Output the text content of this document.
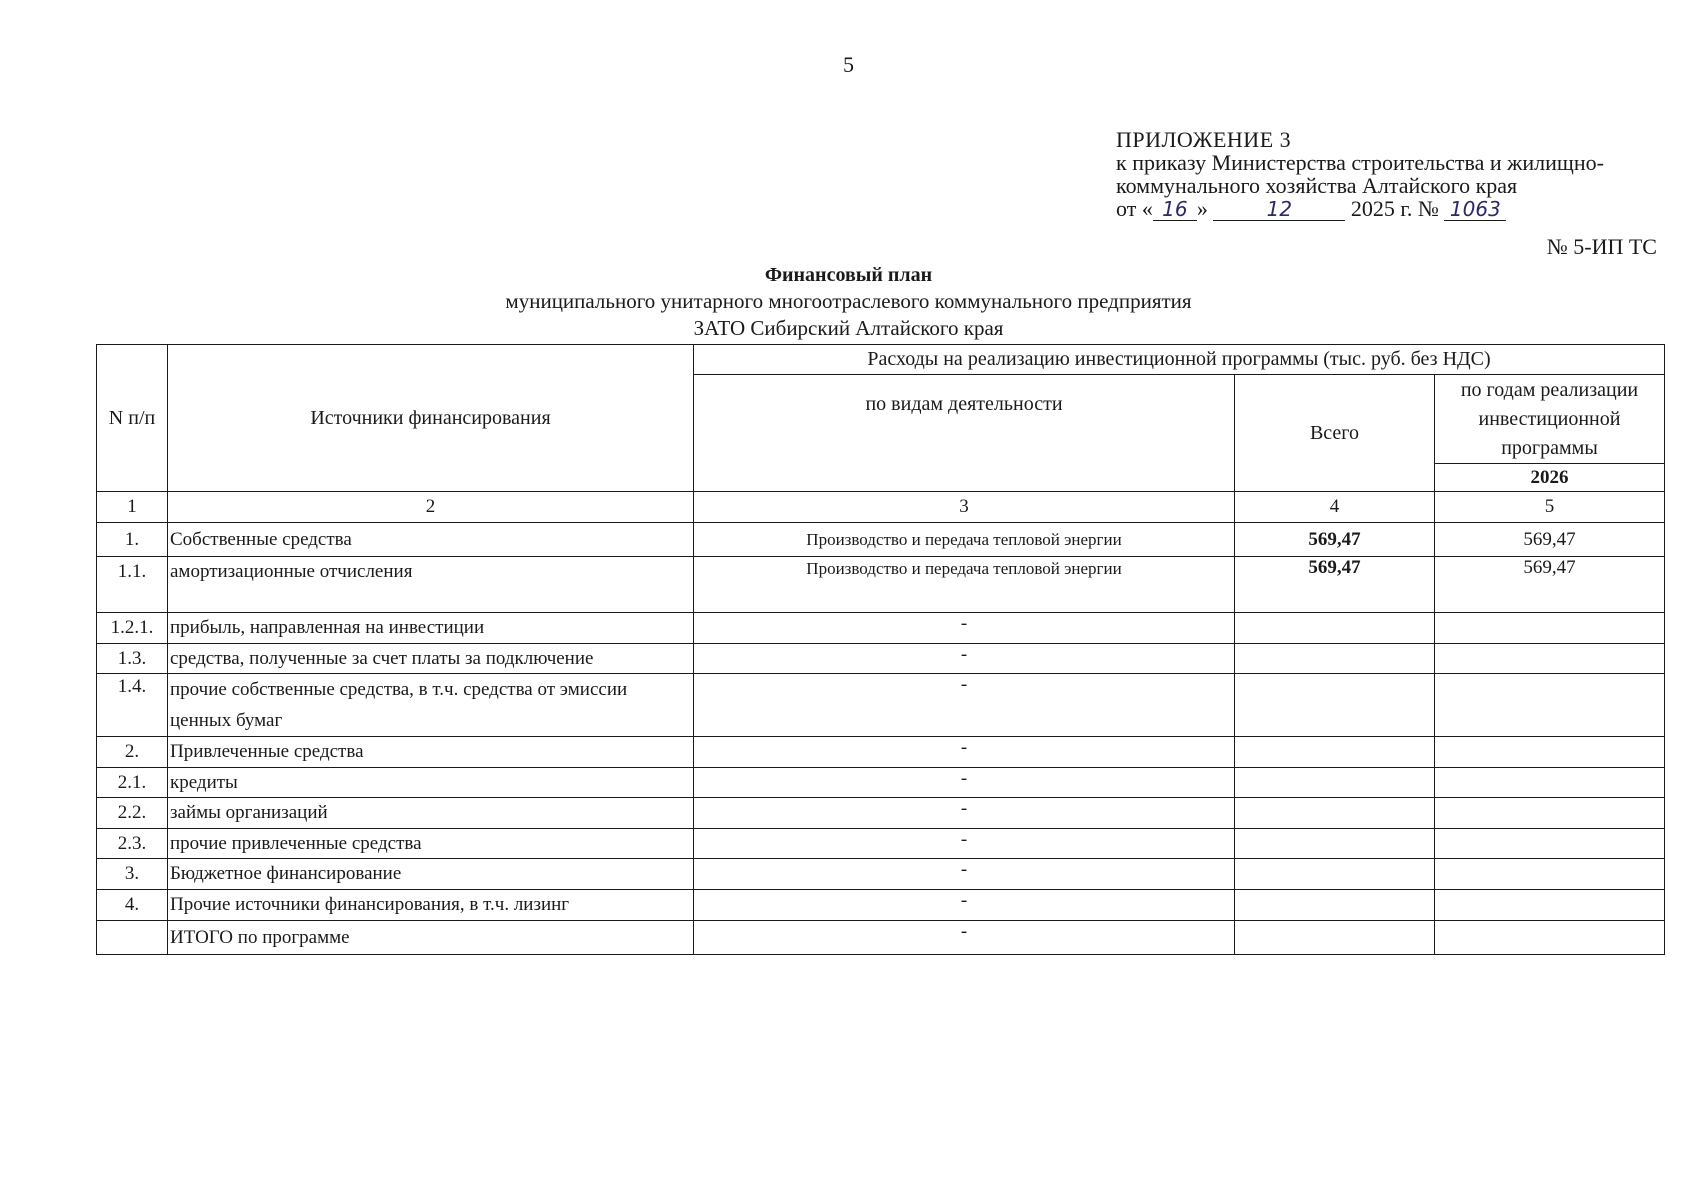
5
ПРИЛОЖЕНИЕ 3
к приказу Министерства строительства и жилищно-
коммунального хозяйства Алтайского края
от « 16 »	12	2025 г. № 1063
№ 5-ИП ТС
Финансовый план
муниципального унитарного многоотраслевого коммунального предприятия
ЗАТО Сибирский Алтайского края
N п/п	Источники финансирования	Расходы на реализацию инвестиционной программы (тыс. руб. без НДС)		
		по видам деятельности	Всего	по годам реализации инвестиционной программы
				2026
1	2	3	4	5
1.	Собственные средства	Производство и передача тепловой энергии	569,47	569,47
1.1.	амортизационные отчисления	Производство и передача тепловой энергии	569,47	569,47
1.2.1.	прибыль, направленная на инвестиции	-		
1.3.	средства, полученные за счет платы за подключение	-		
1.4.	прочие собственные средства, в т.ч. средства от эмиссии ценных бумаг	-		
2.	Привлеченные средства	-		
2.1.	кредиты	-		
2.2.	займы организаций	-		
2.3.	прочие привлеченные средства	-		
3.	Бюджетное финансирование	-		
4.	Прочие источники финансирования, в т.ч. лизинг	-		
	ИТОГО по программе	-		
